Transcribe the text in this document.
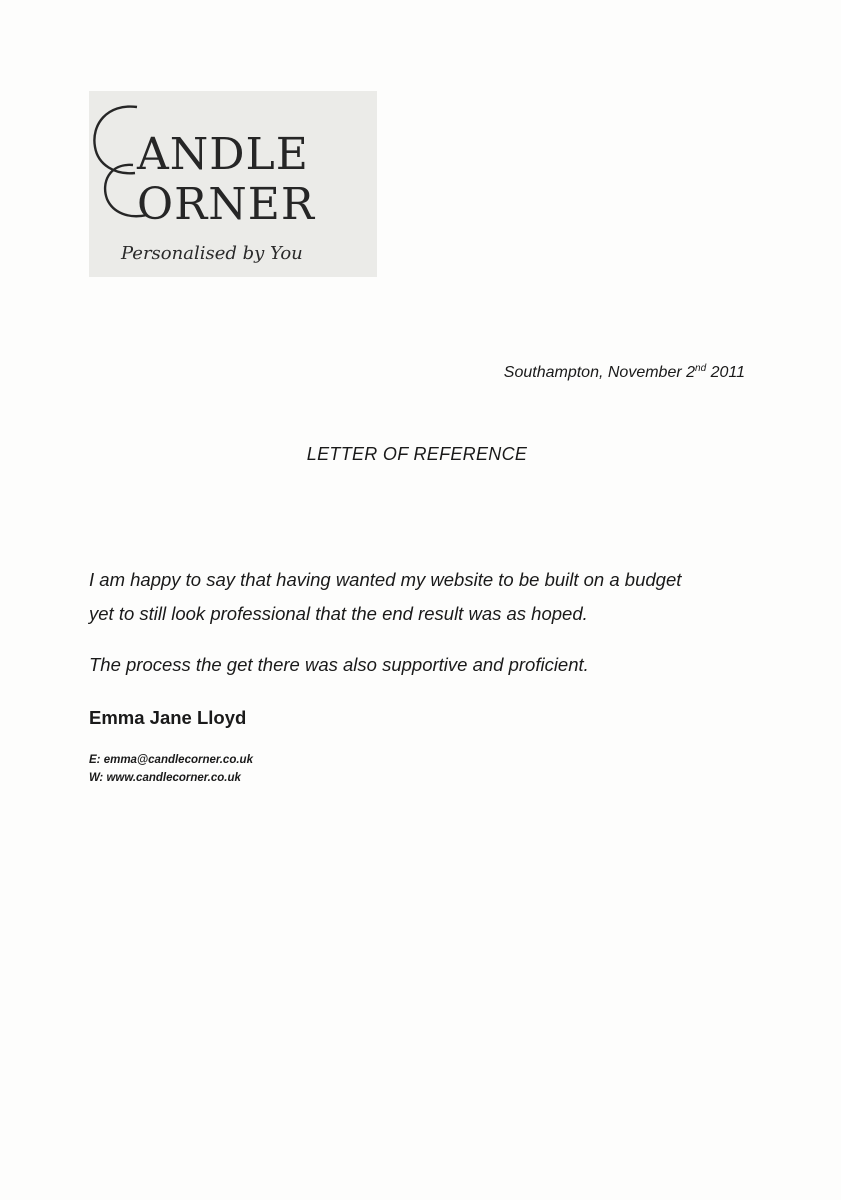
ANDLE
ORNER
Personalised by You
Southampton, November 2nd 2011
LETTER OF REFERENCE
I am happy to say that having wanted my website to be built on a budget
yet to still look professional that the end result was as hoped.
The process the get there was also supportive and proficient.
Emma Jane Lloyd
E: emma@candlecorner.co.uk
W: www.candlecorner.co.uk
